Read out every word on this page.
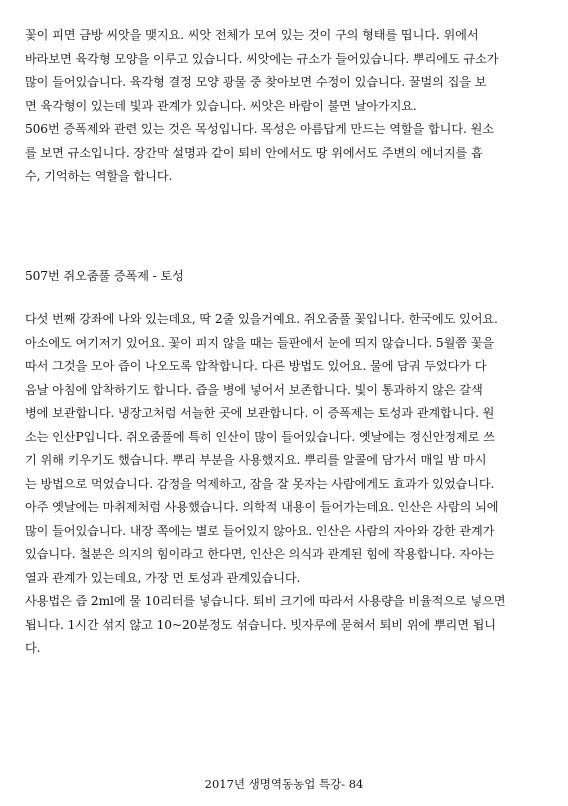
꽃이 피면 금방 씨앗을 맺지요. 씨앗 전체가 모여 있는 것이 구의 형태를 띱니다. 위에서
바라보면 육각형 모양을 이루고 있습니다. 씨앗에는 규소가 들어있습니다. 뿌리에도 규소가
많이 들어있습니다. 육각형 결정 모양 광물 중 찾아보면 수정이 있습니다. 꿀벌의 집을 보
면 육각형이 있는데 빛과 관계가 있습니다. 씨앗은 바람이 불면 날아가지요.
506번 증폭제와 관련 있는 것은 목성입니다. 목성은 아름답게 만드는 역할을 합니다. 원소
를 보면 규소입니다. 장간막 설명과 같이 퇴비 안에서도 땅 위에서도 주변의 에너지를 흡
수, 기억하는 역할을 합니다.
507번 쥐오줌풀 증폭제 - 토성
다섯 번째 강좌에 나와 있는데요, 딱 2줄 있을거예요. 쥐오줌풀 꽃입니다. 한국에도 있어요.
아소에도 여기저기 있어요. 꽃이 피지 않을 때는 들판에서 눈에 띄지 않습니다. 5월쯤 꽃을
따서 그것을 모아 즙이 나오도록 압착합니다. 다른 방법도 있어요. 물에 담궈 두었다가 다
음날 아침에 압착하기도 합니다. 즙을 병에 넣어서 보존합니다. 빛이 통과하지 않은 갈색
병에 보관합니다. 냉장고처럼 서늘한 곳에 보관합니다. 이 증폭제는 토성과 관계합니다. 원
소는 인산P입니다. 쥐오줌풀에 특히 인산이 많이 들어있습니다. 옛날에는 정신안정제로 쓰
기 위해 키우기도 했습니다. 뿌리 부분을 사용했지요. 뿌리를 알콜에 담가서 매일 밤 마시
는 방법으로 먹었습니다. 감정을 억제하고, 잠을 잘 못자는 사람에게도 효과가 있었습니다.
아주 옛날에는 마취제처럼 사용했습니다. 의학적 내용이 들어가는데요. 인산은 사람의 뇌에
많이 들어있습니다. 내장 쪽에는 별로 들어있지 않아요. 인산은 사람의 자아와 강한 관계가
있습니다. 철분은 의지의 힘이라고 한다면, 인산은 의식과 관계된 힘에 작용합니다. 자아는
열과 관계가 있는데요, 가장 먼 토성과 관계있습니다.
사용법은 즙 2ml에 물 10리터를 넣습니다. 퇴비 크기에 따라서 사용량을 비율적으로 넣으면
됩니다. 1시간 섞지 않고 10~20분정도 섞습니다. 빗자루에 묻혀서 퇴비 위에 뿌리면 됩니
다.
2017년 생명역동농업 특강- 84
